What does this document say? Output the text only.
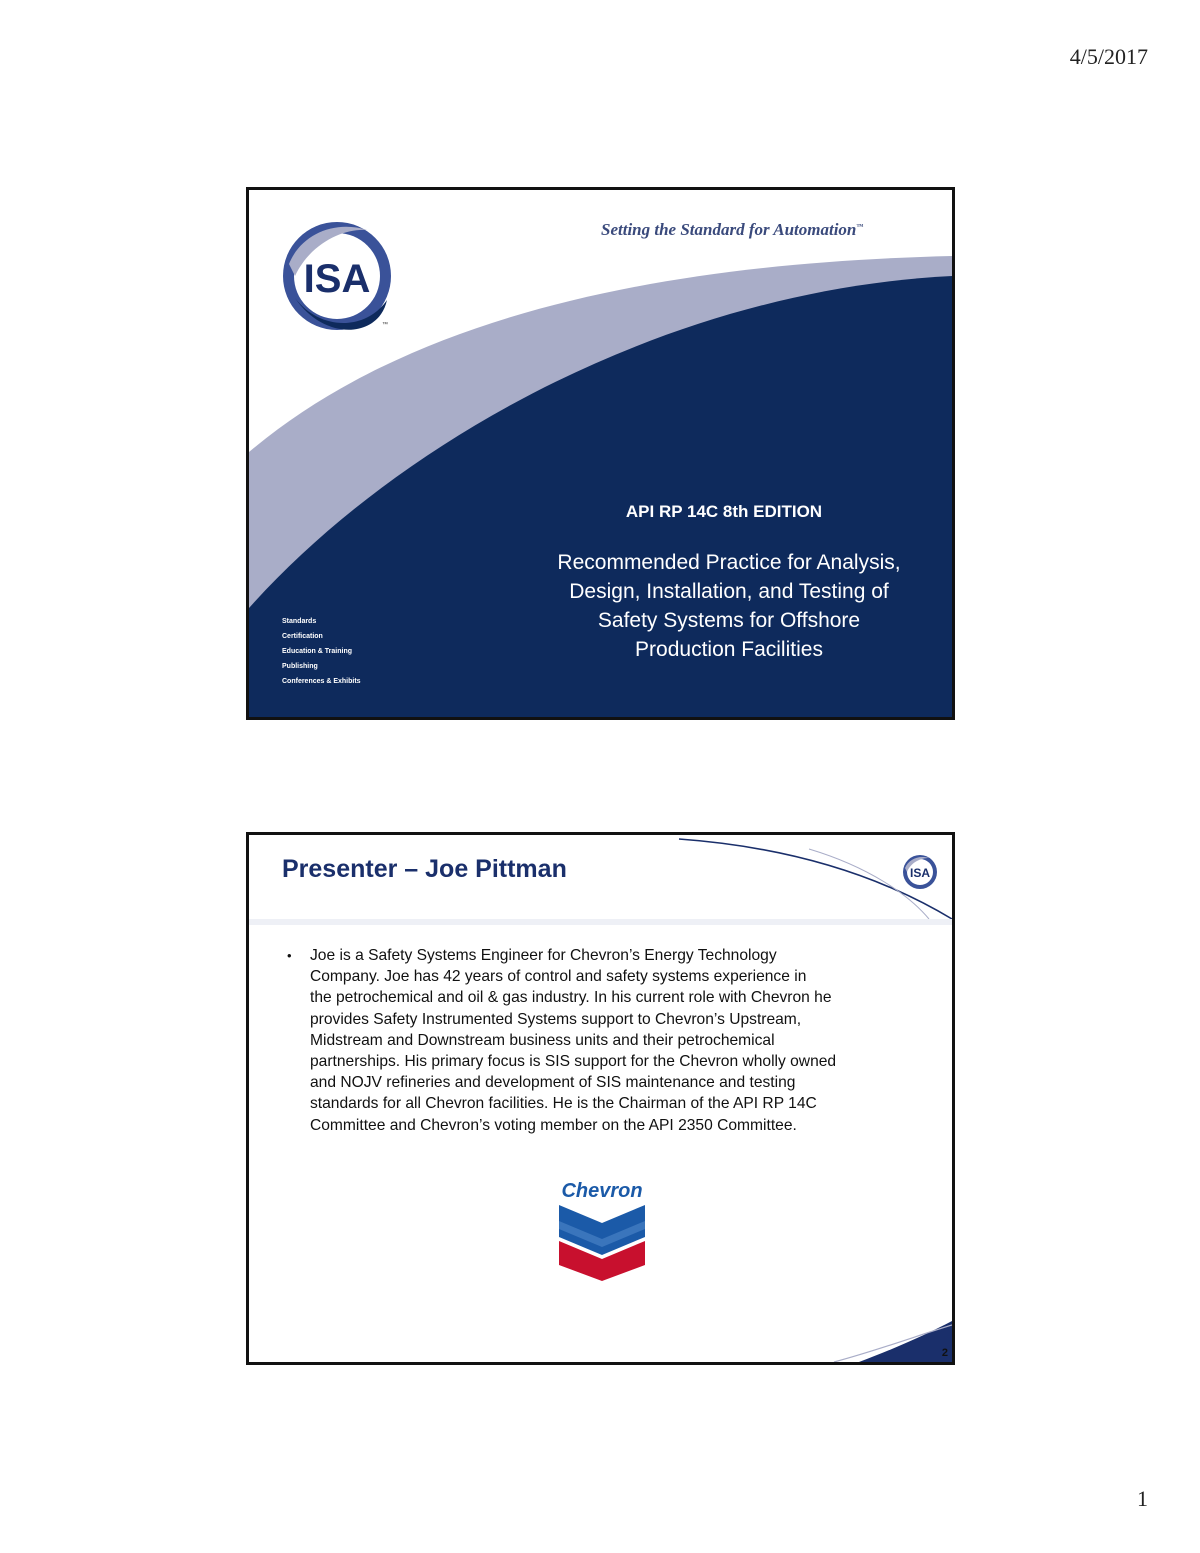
4/5/2017
ISA
™
Setting the Standard for Automation™
API RP 14C 8th EDITION
Recommended Practice for Analysis,
Design, Installation, and Testing of
Safety Systems for Offshore
Production Facilities
Standards
Certification
Education & Training
Publishing
Conferences & Exhibits
ISA
Presenter – Joe Pittman
• Joe is a Safety Systems Engineer for Chevron’s Energy Technology
Company. Joe has 42 years of control and safety systems experience in
the petrochemical and oil & gas industry. In his current role with Chevron he
provides Safety Instrumented Systems support to Chevron’s Upstream,
Midstream and Downstream business units and their petrochemical
partnerships. His primary focus is SIS support for the Chevron wholly owned
and NOJV refineries and development of SIS maintenance and testing
standards for all Chevron facilities. He is the Chairman of the API RP 14C
Committee and Chevron’s voting member on the API 2350 Committee.
Chevron
2
1
